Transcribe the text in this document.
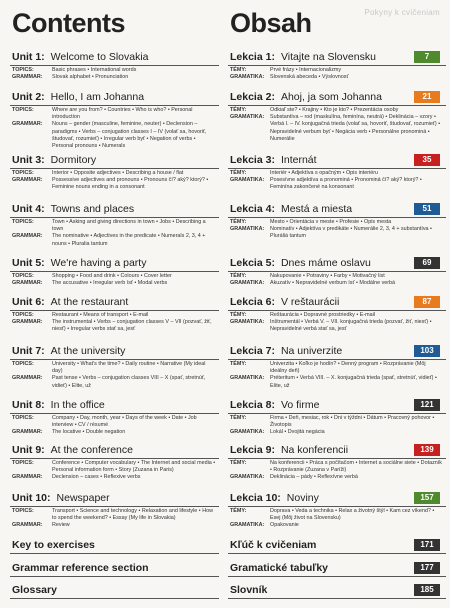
Contents
Unit 1: Welcome to Slovakia
TOPICS:	Basic phrases • International words
GRAMMAR:	Slovak alphabet • Pronunciation
Unit 2: Hello, I am Johanna
TOPICS:	Where are you from? • Countries • Who is who? • Personal introduction
GRAMMAR:	Nouns – gender (masculine, feminine, neuter) • Declension – paradigms • Verbs – conjugation classes I – IV (volať sa, hovoriť, študovať, rozumieť) • Irregular verb byť • Negation of verbs • Personal pronouns • Numerals
Unit 3: Dormitory
TOPICS:	Interior • Opposite adjectives • Describing a house / flat
GRAMMAR:	Possessive adjectives and pronouns • Pronouns čí? aký? ktorý? • Feminine nouns ending in a consonant
Unit 4: Towns and places
TOPICS:	Town • Asking and giving directions in town • Jobs • Describing a town
GRAMMAR:	The nominative • Adjectives in the predicate • Numerals 2, 3, 4 + nouns • Pluralia tantum
Unit 5: We're having a party
TOPICS:	Shopping • Food and drink • Colours • Cover letter
GRAMMAR:	The accusative • Irregular verb ísť • Modal verbs
Unit 6: At the restaurant
TOPICS:	Restaurant • Means of transport • E-mail
GRAMMAR:	The instrumental • Verbs – conjugation classes V – VII (pozvať, žiť, niesť) • Irregular verbs stať sa, jesť
Unit 7: At the university
TOPICS:	University • What's the time? • Daily routine • Narrative (My ideal day)
GRAMMAR:	Past tense • Verbs – conjugation classes VIII – X (spať, stretnúť, vidieť) • Elite, už
Unit 8: In the office
TOPICS:	Company • Day, month, year • Days of the week • Date • Job interview • CV / résumé
GRAMMAR:	The locative • Double negation
Unit 9: At the conference
TOPICS:	Conference • Computer vocabulary • The Internet and social media • Personal information form • Story (Zuzana in Paris)
GRAMMAR:	Declension – cases • Reflexive verbs
Unit 10: Newspaper
TOPICS:	Transport • Science and technology • Relaxation and lifestyle • How to spend the weekend? • Essay (My life in Slovakia)
GRAMMAR:	Review
Key to exercises
Grammar reference section
Glossary
Obsah	Pokyny k cvičeniam
Lekcia 1: Vitajte na Slovensku	7
TÉMY:	Prvé frázy • Internacionalizmy
GRAMATIKA:	Slovenská abeceda • Výslovnosť
Lekcia 2: Ahoj, ja som Johanna	21
TÉMY:	Odkiaľ ste? • Krajiny • Kto je kto? • Prezentácia osoby
GRAMATIKA:	Substantíva – rod (maskulína, feminína, neutrá) • Deklinácia – vzory • Verbá I. – IV. konjugačná trieda (volať sa, hovoriť, študovať, rozumieť) • Nepravidelné verbum byť • Negácia verb • Personálne pronominá • Numerálie
Lekcia 3: Internát	35
TÉMY:	Interiér • Adjektíva s opačným • Opis interiéru
GRAMATIKA:	Posesívne adjektíva a pronominá • Pronominá čí? aký? ktorý? • Feminína zakončené na konsonant
Lekcia 4: Mestá a miesta	51
TÉMY:	Mesto • Orientácia v meste • Profesie • Opis mesta
GRAMATIKA:	Nominatív • Adjektíva v predikáte • Numerálie 2, 3, 4 + substantíva • Pluráliá tantum
Lekcia 5: Dnes máme oslavu	69
TÉMY:	Nakupovanie • Potraviny • Farby • Motivačný list
GRAMATIKA:	Akuzatív • Nepravidelné verbum ísť • Modálne verbá
Lekcia 6: V reštaurácii	87
TÉMY:	Reštaurácia • Dopravné prostriedky • E-mail
GRAMATIKA:	Inštrumentál • Verbá V. – VII. konjugačná trieda (pozvať, žiť, niesť) • Nepravidelné verbá stať sa, jesť
Lekcia 7: Na univerzite	103
TÉMY:	Univerzita • Koľko je hodín? • Denný program • Rozprávanie (Môj ideálny deň)
GRAMATIKA:	Préteritum • Verbá VIII. – X. konjugačná trieda (spať, stretnúť, vidieť) • Ešte, už
Lekcia 8: Vo firme	121
TÉMY:	Firma • Deň, mesiac, rok • Dni v týždni • Dátum • Pracovný pohovor • Životopis
GRAMATIKA:	Lokál • Dvojitá negácia
Lekcia 9: Na konferencii	139
TÉMY:	Na konferencii • Práca s počítačom • Internet a sociálne siete • Dotazník • Rozprávanie (Zuzana v Paríži)
GRAMATIKA:	Deklinácia – pády • Reflexívne verbá
Lekcia 10: Noviny	157
TÉMY:	Doprava • Veda a technika • Relax a životný štýl • Kam cez víkend? • Esej (Môj život na Slovensku)
GRAMATIKA:	Opakovanie
Kľúč k cvičeniam	171
Gramatické tabuľky	177
Slovník	185
